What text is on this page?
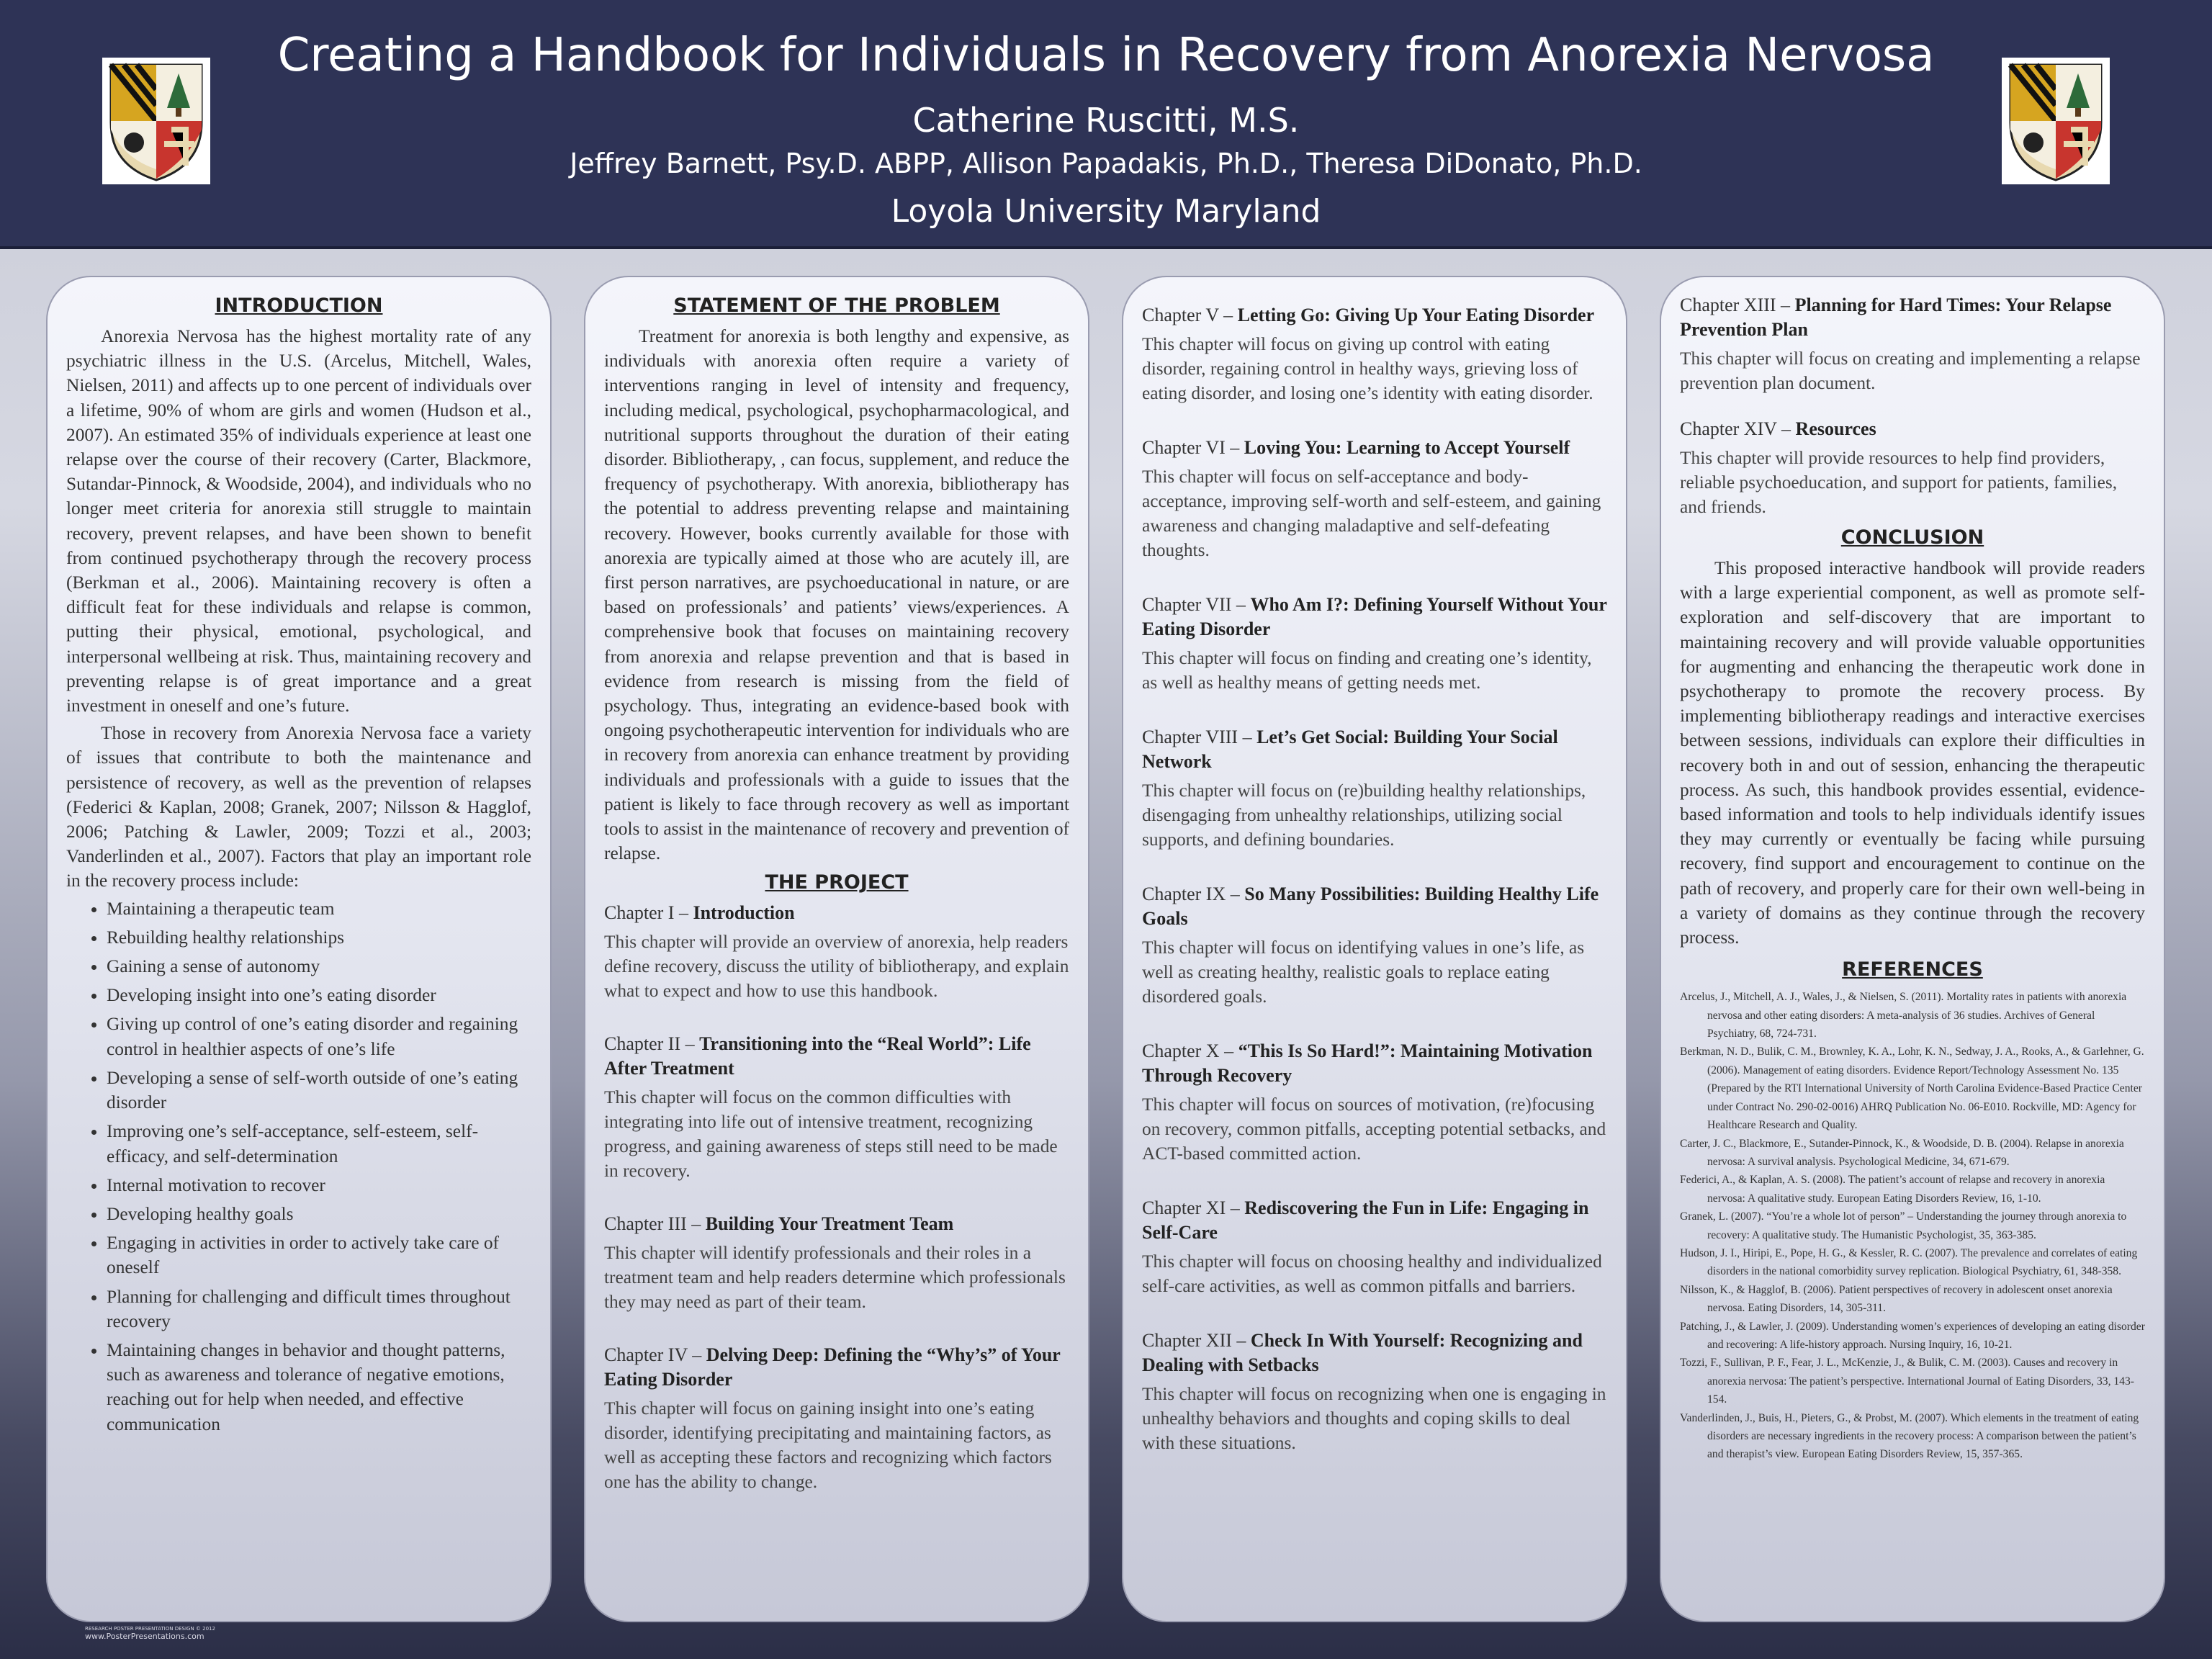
Creating a Handbook for Individuals in Recovery from Anorexia Nervosa
Catherine Ruscitti, M.S.
Jeffrey Barnett, Psy.D. ABPP, Allison Papadakis, Ph.D., Theresa DiDonato, Ph.D.
Loyola University Maryland
INTRODUCTION

Anorexia Nervosa has the highest mortality rate of any psychiatric illness in the U.S. (Arcelus, Mitchell, Wales, Nielsen, 2011) and affects up to one percent of individuals over a lifetime, 90% of whom are girls and women (Hudson et al., 2007). An estimated 35% of individuals experience at least one relapse over the course of their recovery (Carter, Blackmore, Sutandar-Pinnock, & Woodside, 2004), and individuals who no longer meet criteria for anorexia still struggle to maintain recovery, prevent relapses, and have been shown to benefit from continued psychotherapy through the recovery process (Berkman et al., 2006). Maintaining recovery is often a difficult feat for these individuals and relapse is common, putting their physical, emotional, psychological, and interpersonal wellbeing at risk. Thus, maintaining recovery and preventing relapse is of great importance and a great investment in oneself and one’s future.

Those in recovery from Anorexia Nervosa face a variety of issues that contribute to both the maintenance and persistence of recovery, as well as the prevention of relapses (Federici & Kaplan, 2008; Granek, 2007; Nilsson & Hagglof, 2006; Patching & Lawler, 2009; Tozzi et al., 2003; Vanderlinden et al., 2007). Factors that play an important role in the recovery process include:

• Maintaining a therapeutic team
• Rebuilding healthy relationships
• Gaining a sense of autonomy
• Developing insight into one’s eating disorder
• Giving up control of one’s eating disorder and regaining control in healthier aspects of one’s life
• Developing a sense of self-worth outside of one’s eating disorder
• Improving one’s self-acceptance, self-esteem, self-efficacy, and self-determination
• Internal motivation to recover
• Developing healthy goals
• Engaging in activities in order to actively take care of oneself
• Planning for challenging and difficult times throughout recovery
• Maintaining changes in behavior and thought patterns, such as awareness and tolerance of negative emotions, reaching out for help when needed, and effective communication
STATEMENT OF THE PROBLEM

Treatment for anorexia is both lengthy and expensive, as individuals with anorexia often require a variety of interventions ranging in level of intensity and frequency, including medical, psychological, psychopharmacological, and nutritional supports throughout the duration of their eating disorder. Bibliotherapy, , can focus, supplement, and reduce the frequency of psychotherapy. With anorexia, bibliotherapy has the potential to address preventing relapse and maintaining recovery. However, books currently available for those with anorexia are typically aimed at those who are acutely ill, are first person narratives, are psychoeducational in nature, or are based on professionals’ and patients’ views/experiences. A comprehensive book that focuses on maintaining recovery from anorexia and relapse prevention and that is based in evidence from research is missing from the field of psychology. Thus, integrating an evidence-based book with ongoing psychotherapeutic intervention for individuals who are in recovery from anorexia can enhance treatment by providing individuals and professionals with a guide to issues that the patient is likely to face through recovery as well as important tools to assist in the maintenance of recovery and prevention of relapse.

THE PROJECT

Chapter I – Introduction

This chapter will provide an overview of anorexia, help readers define recovery, discuss the utility of bibliotherapy, and explain what to expect and how to use this handbook.

Chapter II – Transitioning into the “Real World”: Life After Treatment

This chapter will focus on the common difficulties with integrating into life out of intensive treatment, recognizing progress, and gaining awareness of steps still need to be made in recovery.

Chapter III – Building Your Treatment Team

This chapter will identify professionals and their roles in a treatment team and help readers determine which professionals they may need as part of their team.

Chapter IV – Delving Deep: Defining the “Why’s” of Your Eating Disorder

This chapter will focus on gaining insight into one’s eating disorder, identifying precipitating and maintaining factors, as well as accepting these factors and recognizing which factors one has the ability to change.

Chapter V – Letting Go: Giving Up Your Eating Disorder

This chapter will focus on giving up control with eating disorder, regaining control in healthy ways, grieving loss of eating disorder, and losing one’s identity with eating disorder.

Chapter VI – Loving You: Learning to Accept Yourself

This chapter will focus on self-acceptance and body-acceptance, improving self-worth and self-esteem, and gaining awareness and changing maladaptive and self-defeating thoughts.

Chapter VII – Who Am I?: Defining Yourself Without Your Eating Disorder

This chapter will focus on finding and creating one’s identity, as well as healthy means of getting needs met.

Chapter VIII – Let’s Get Social: Building Your Social Network

This chapter will focus on (re)building healthy relationships, disengaging from unhealthy relationships, utilizing social supports, and defining boundaries.

Chapter IX – So Many Possibilities: Building Healthy Life Goals

This chapter will focus on identifying values in one’s life, as well as creating healthy, realistic goals to replace eating disordered goals.

Chapter X – “This Is So Hard!”: Maintaining Motivation Through Recovery

This chapter will focus on sources of motivation, (re)focusing on recovery, common pitfalls, accepting potential setbacks, and ACT-based committed action.

Chapter XI – Rediscovering the Fun in Life: Engaging in Self-Care

This chapter will focus on choosing healthy and individualized self-care activities, as well as common pitfalls and barriers.

Chapter XII – Check In With Yourself: Recognizing and Dealing with Setbacks

This chapter will focus on recognizing when one is engaging in unhealthy behaviors and thoughts and coping skills to deal with these situations.

Chapter XIII – Planning for Hard Times: Your Relapse Prevention Plan

This chapter will focus on creating and implementing a relapse prevention plan document.

Chapter XIV – Resources

This chapter will provide resources to help find providers, reliable psychoeducation, and support for patients, families, and friends.

CONCLUSION

This proposed interactive handbook will provide readers with a large experiential component, as well as promote self-exploration and self-discovery that are important to maintaining recovery and will provide valuable opportunities for augmenting and enhancing the therapeutic work done in psychotherapy to promote the recovery process. By implementing bibliotherapy readings and interactive exercises between sessions, individuals can explore their difficulties in recovery both in and out of session, enhancing the therapeutic process. As such, this handbook provides essential, evidence-based information and tools to help individuals identify issues they may currently or eventually be facing while pursuing recovery, find support and encouragement to continue on the path of recovery, and properly care for their own well-being in a variety of domains as they continue through the recovery process.

REFERENCES
Arcelus, J., Mitchell, A. J., Wales, J., & Nielsen, S. (2011). Mortality rates in patients with anorexia nervosa and other eating disorders: A meta-analysis of 36 studies. Archives of General Psychiatry, 68, 724-731.
Berkman, N. D., Bulik, C. M., Brownley, K. A., Lohr, K. N., Sedway, J. A., Rooks, A., & Garlehner, G. (2006). Management of eating disorders. Evidence Report/Technology Assessment No. 135 (Prepared by the RTI International University of North Carolina Evidence-Based Practice Center under Contract No. 290-02-0016) AHRQ Publication No. 06-E010. Rockville, MD: Agency for Healthcare Research and Quality.
Carter, J. C., Blackmore, E., Sutander-Pinnock, K., & Woodside, D. B. (2004). Relapse in anorexia nervosa: A survival analysis. Psychological Medicine, 34, 671-679.
Federici, A., & Kaplan, A. S. (2008). The patient’s account of relapse and recovery in anorexia nervosa: A qualitative study. European Eating Disorders Review, 16, 1-10.
Granek, L. (2007). “You’re a whole lot of person” – Understanding the journey through anorexia to recovery: A qualitative study. The Humanistic Psychologist, 35, 363-385.
Hudson, J. I., Hiripi, E., Pope, H. G., & Kessler, R. C. (2007). The prevalence and correlates of eating disorders in the national comorbidity survey replication. Biological Psychiatry, 61, 348-358.
Nilsson, K., & Hagglof, B. (2006). Patient perspectives of recovery in adolescent onset anorexia nervosa. Eating Disorders, 14, 305-311.
Patching, J., & Lawler, J. (2009). Understanding women’s experiences of developing an eating disorder and recovering: A life-history approach. Nursing Inquiry, 16, 10-21.
Tozzi, F., Sullivan, P. F., Fear, J. L., McKenzie, J., & Bulik, C. M. (2003). Causes and recovery in anorexia nervosa: The patient’s perspective. International Journal of Eating Disorders, 33, 143-154.
Vanderlinden, J., Buis, H., Pieters, G., & Probst, M. (2007). Which elements in the treatment of eating disorders are necessary ingredients in the recovery process: A comparison between the patient’s and therapist’s view. European Eating Disorders Review, 15, 357-365.
RESEARCH POSTER PRESENTATION DESIGN © 2012
www.PosterPresentations.com
